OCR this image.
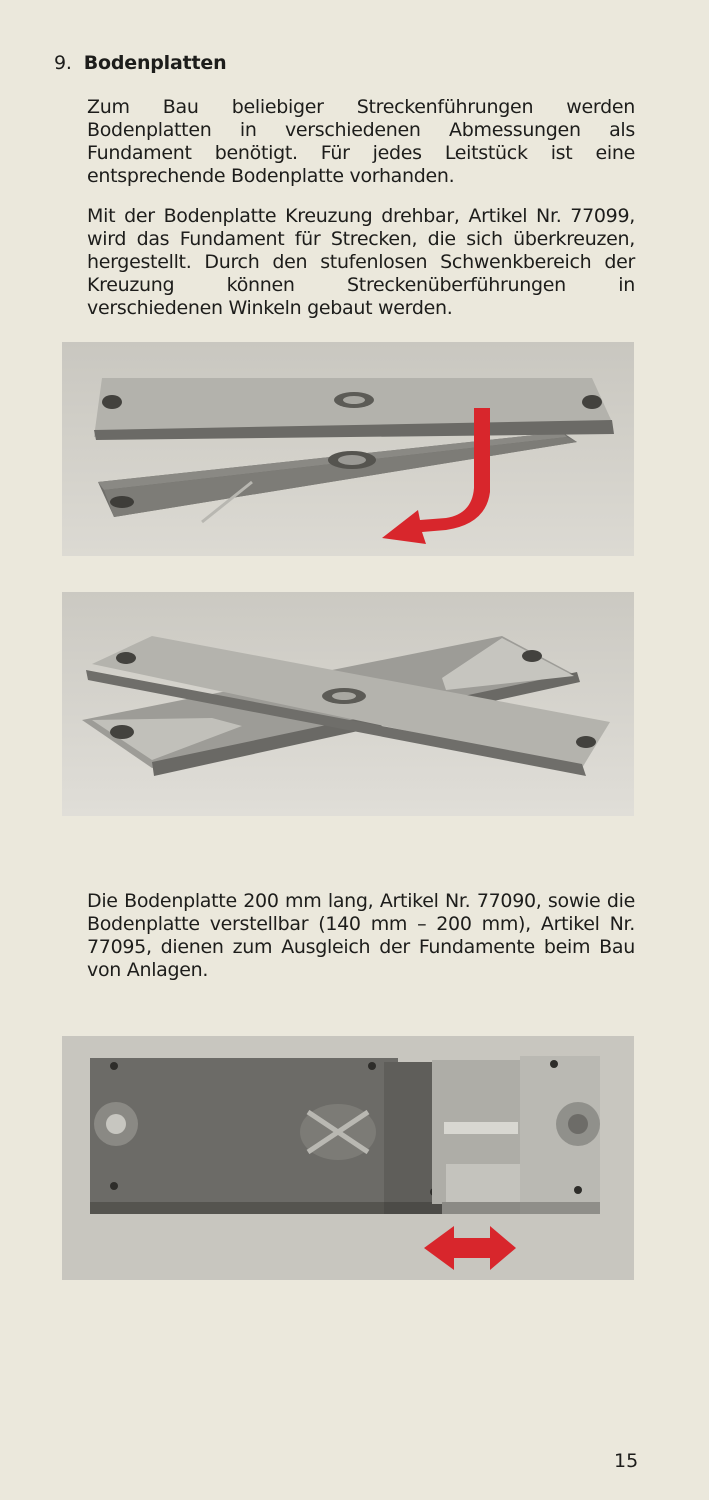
9. Bodenplatten

Zum Bau beliebiger Streckenführungen werden Bodenplatten in verschiedenen Abmessungen als Fundament benötigt. Für jedes Leitstück ist eine entsprechende Bodenplatte vorhanden.

Mit der Bodenplatte Kreuzung drehbar, Artikel Nr. 77099, wird das Fundament für Strecken, die sich überkreuzen, hergestellt. Durch den stufenlosen Schwenkbereich der Kreuzung können Streckenüberführungen in verschiedenen Winkeln gebaut werden.

Die Bodenplatte 200 mm lang, Artikel Nr. 77090, sowie die Bodenplatte verstellbar (140 mm – 200 mm), Artikel Nr. 77095, dienen zum Ausgleich der Fundamente beim Bau von Anlagen.

15
